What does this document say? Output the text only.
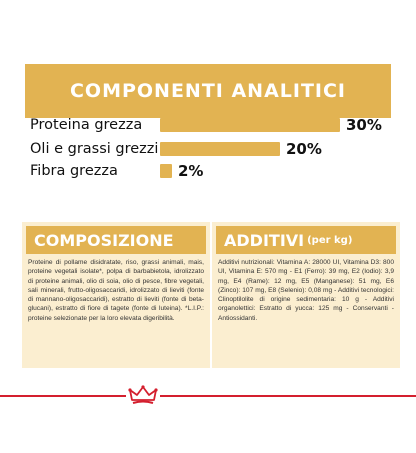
COMPONENTI ANALITICI
Proteina grezza	30%
Oli e grassi grezzi	20%
Fibra grezza	2%
COMPOSIZIONE
Proteine di pollame disidratate, riso, grassi animali, mais, proteine vegetali isolate*, polpa di barbabietola, idrolizzato di proteine animali, olio di soia, olio di pesce, fibre vegetali, sali minerali, frutto-oligosaccaridi, idrolizzato di lieviti (fonte di mannano-oligosaccaridi), estratto di lieviti (fonte di beta-glucani), estratto di fiore di tagete (fonte di luteina). *L.I.P.: proteine selezionate per la loro elevata digeribilità.
ADDITIVI (per kg)
Additivi nutrizionali: Vitamina A: 28000 UI, Vitamina D3: 800 UI, Vitamina E: 570 mg - E1 (Ferro): 39 mg, E2 (Iodio): 3,9 mg, E4 (Rame): 12 mg, E5 (Manganese): 51 mg, E6 (Zinco): 107 mg, E8 (Selenio): 0,08 mg - Additivi tecnologici: Clinoptilolite di origine sedimentaria: 10 g - Additivi organolettici: Estratto di yucca: 125 mg - Conservanti - Antiossidanti.
